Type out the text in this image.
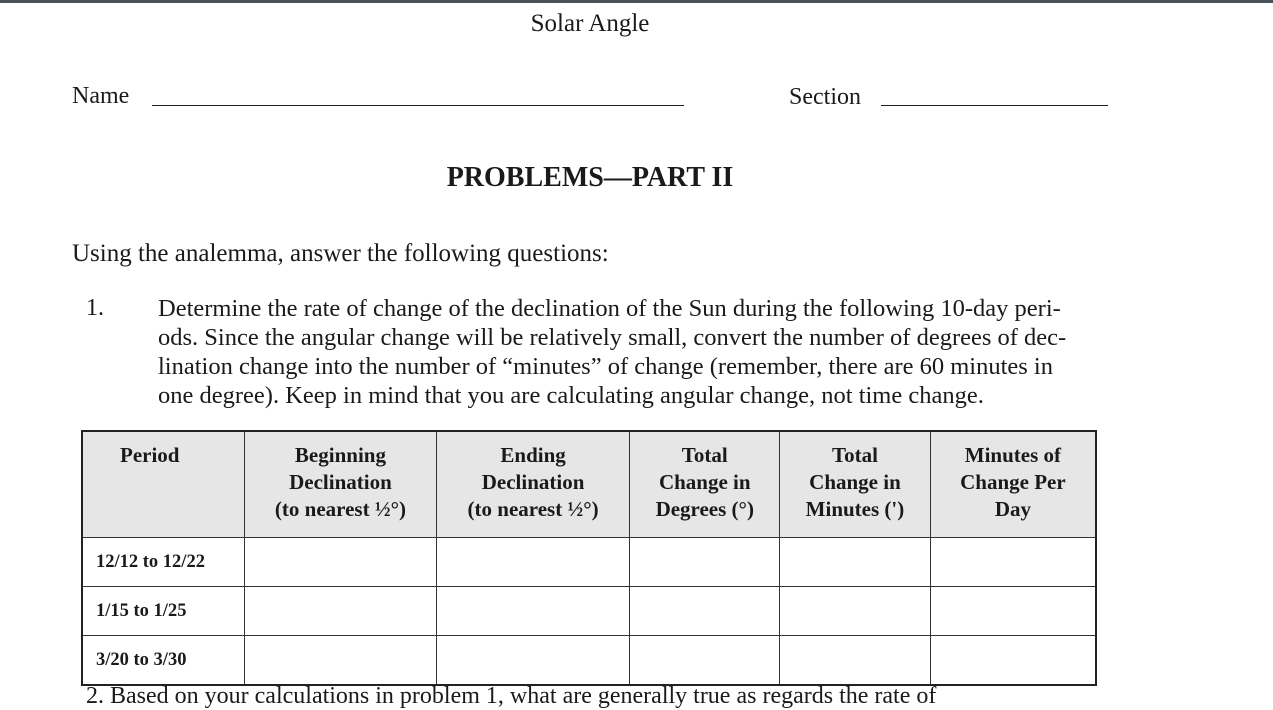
Solar Angle
Name	Section
PROBLEMS—PART II
Using the analemma, answer the following questions:
1. Determine the rate of change of the declination of the Sun during the following 10-day peri-
ods. Since the angular change will be relatively small, convert the number of degrees of dec-
lination change into the number of “minutes” of change (remember, there are 60 minutes in
one degree). Keep in mind that you are calculating angular change, not time change.
Period	Beginning
Declination
(to nearest ½°)	Ending
Declination
(to nearest ½°)	Total
Change in
Degrees (°)	Total
Change in
Minutes (')	Minutes of
Change Per
Day

12/12 to 12/22					
1/15 to 1/25					
3/20 to 3/30					
2. Based on your calculations in problem 1, what are generally true as regards the rate of
